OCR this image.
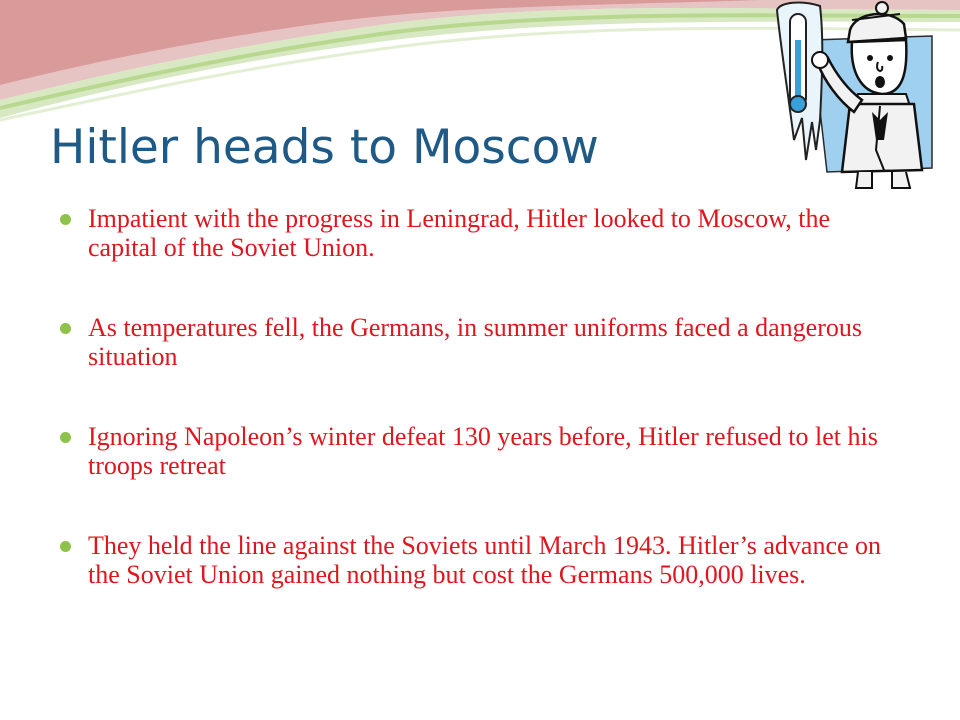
Hitler heads to Moscow
Impatient with the progress in Leningrad, Hitler looked to Moscow, the capital of the Soviet Union.
As temperatures fell, the Germans, in summer uniforms faced a dangerous situation
Ignoring Napoleon’s winter defeat 130 years before, Hitler refused to let his troops retreat
They held the line against the Soviets until March 1943. Hitler’s advance on the Soviet Union gained nothing but cost the Germans 500,000 lives.
